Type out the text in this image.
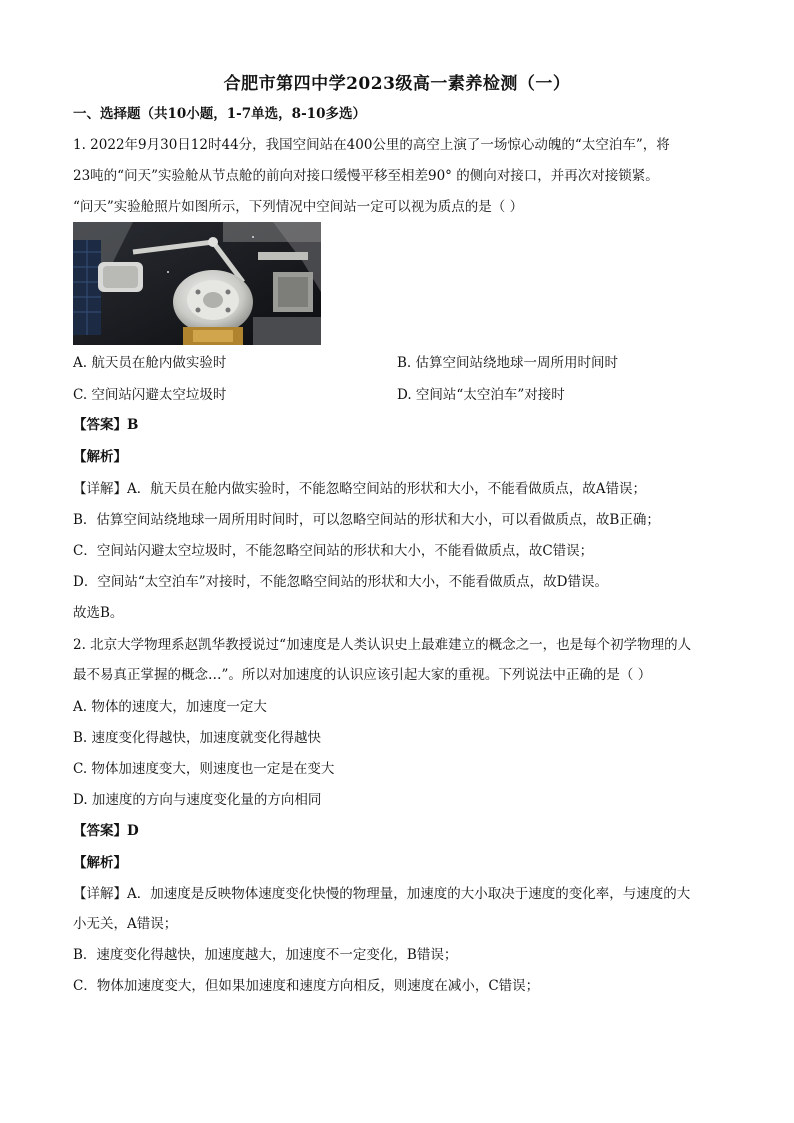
合肥市第四中学2023级高一素养检测（一）
一、选择题（共10小题，1-7单选，8-10多选）
1. 2022年9月30日12时44分，我国空间站在400公里的高空上演了一场惊心动魄的“太空泊车”，将
23吨的“问天”实验舱从节点舱的前向对接口缓慢平移至相差90° 的侧向对接口，并再次对接锁紧。
“问天”实验舱照片如图所示，下列情况中空间站一定可以视为质点的是（ ）
A. 航天员在舱内做实验时	B. 估算空间站绕地球一周所用时间时
C. 空间站闪避太空垃圾时	D. 空间站“太空泊车”对接时
【答案】B
【解析】
【详解】A．航天员在舱内做实验时，不能忽略空间站的形状和大小，不能看做质点，故A错误；
B．估算空间站绕地球一周所用时间时，可以忽略空间站的形状和大小，可以看做质点，故B正确；
C．空间站闪避太空垃圾时，不能忽略空间站的形状和大小，不能看做质点，故C错误；
D．空间站“太空泊车”对接时，不能忽略空间站的形状和大小，不能看做质点，故D错误。
故选B。
2. 北京大学物理系赵凯华教授说过“加速度是人类认识史上最难建立的概念之一，也是每个初学物理的人
最不易真正掌握的概念…”。所以对加速度的认识应该引起大家的重视。下列说法中正确的是（ ）
A. 物体的速度大，加速度一定大
B. 速度变化得越快，加速度就变化得越快
C. 物体加速度变大，则速度也一定是在变大
D. 加速度的方向与速度变化量的方向相同
【答案】D
【解析】
【详解】A．加速度是反映物体速度变化快慢的物理量，加速度的大小取决于速度的变化率，与速度的大
小无关，A错误；
B．速度变化得越快，加速度越大，加速度不一定变化，B错误；
C．物体加速度变大，但如果加速度和速度方向相反，则速度在减小，C错误；
